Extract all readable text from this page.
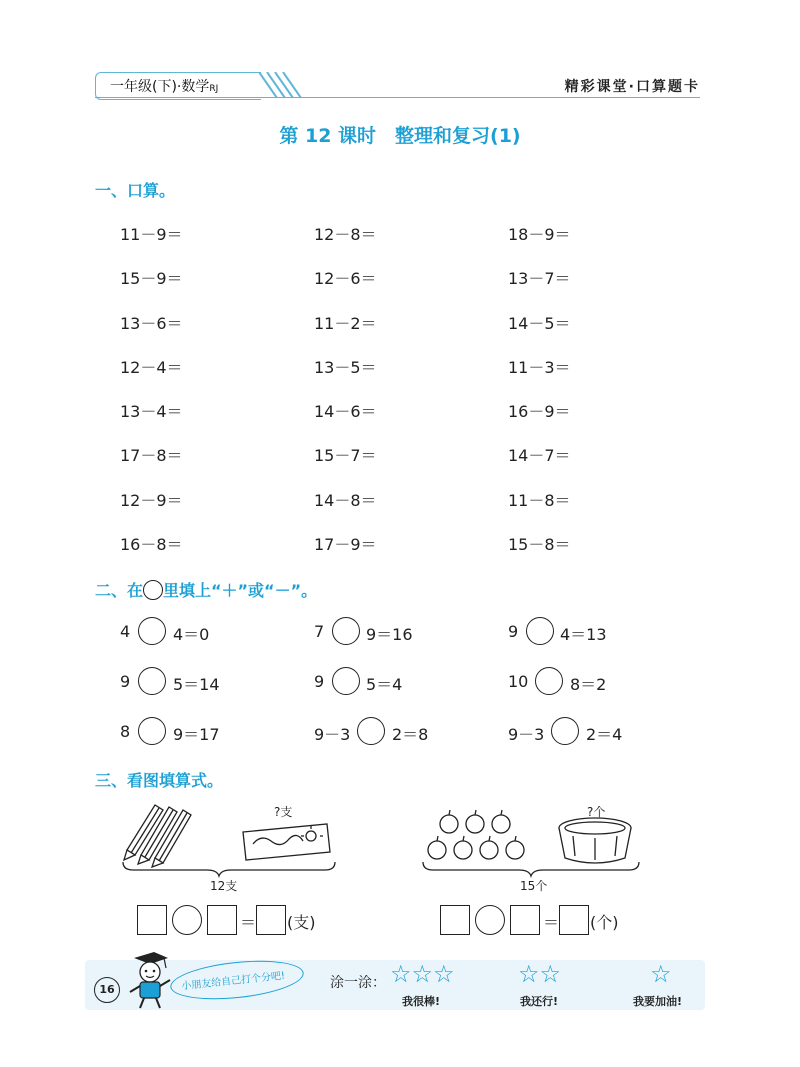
一年级(下)·数学RJ	精彩课堂·口算题卡
第 12 课时　整理和复习(1)
一、口算。
11－9＝	12－8＝	18－9＝
15－9＝	12－6＝	13－7＝
13－6＝	11－2＝	14－5＝
12－4＝	13－5＝	11－3＝
13－4＝	14－6＝	16－9＝
17－8＝	15－7＝	14－7＝
12－9＝	14－8＝	11－8＝
16－8＝	17－9＝	15－8＝
二、在 里填上“＋”或“－”。
4	4＝0	7	9＝16	9	4＝13
9	5＝14	9	5＝4	10	8＝2
8	9＝17	9－3	2＝8	9－3	2＝4
三、看图填算式。
?支
12支
?个
15个
＝ (支)	＝ (个)
16	小朋友给自己打个分吧!	涂一涂： ☆☆☆
我很棒!
☆☆
我还行!
☆
我要加油!
